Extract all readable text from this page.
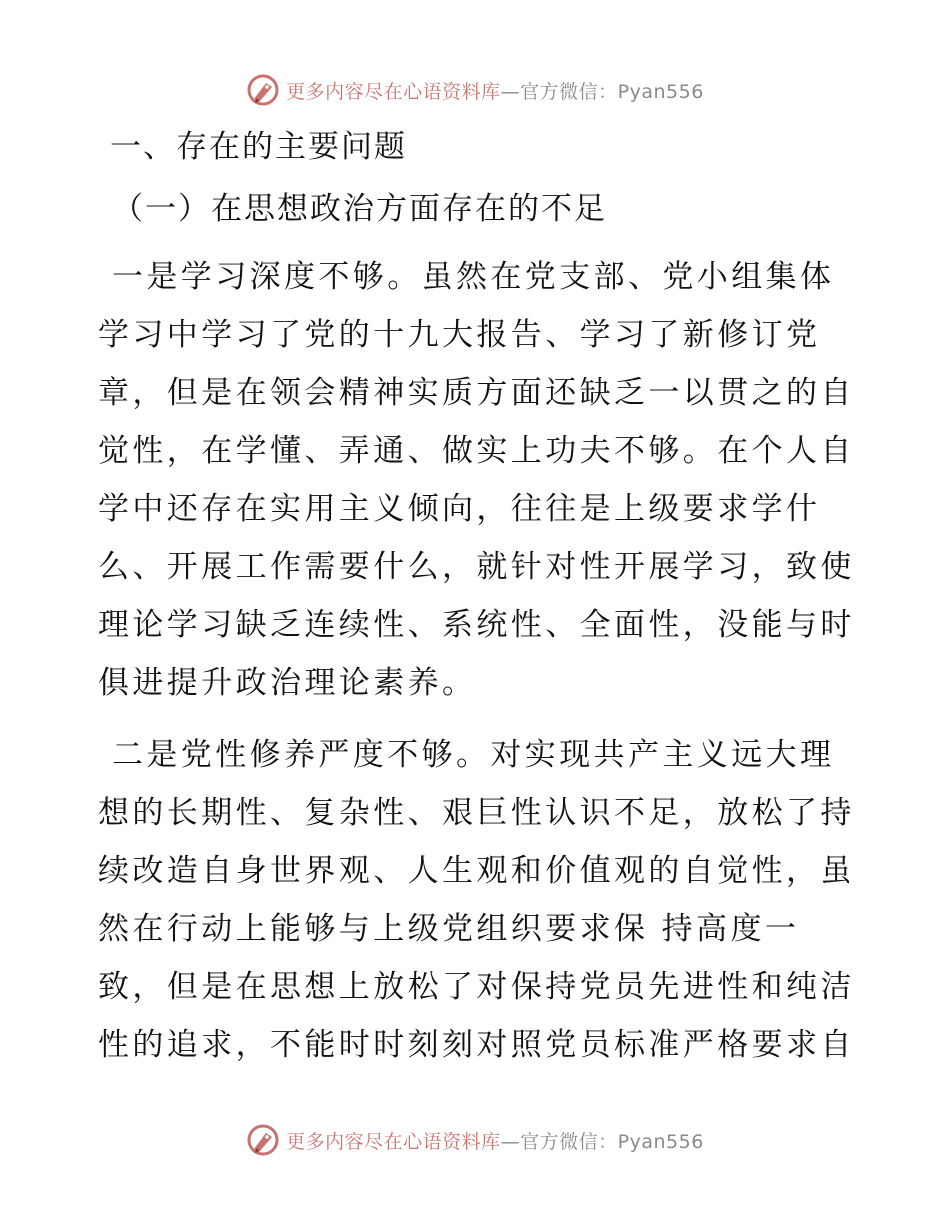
更多内容尽在心语资料库—官方微信：Pyan556

一、存在的主要问题

（一）在思想政治方面存在的不足

一是学习深度不够。虽然在党支部、党小组集体
学习中学习了党的十九大报告、学习了新修订党
章，但是在领会精神实质方面还缺乏一以贯之的自
觉性，在学懂、弄通、做实上功夫不够。在个人自
学中还存在实用主义倾向，往往是上级要求学什
么、开展工作需要什么，就针对性开展学习，致使
理论学习缺乏连续性、系统性、全面性，没能与时
俱进提升政治理论素养。

二是党性修养严度不够。对实现共产主义远大理
想的长期性、复杂性、艰巨性认识不足，放松了持
续改造自身世界观、人生观和价值观的自觉性，虽
然在行动上能够与上级党组织要求保 持高度一
致，但是在思想上放松了对保持党员先进性和纯洁
性的追求，不能时时刻刻对照党员标准严格要求自

更多内容尽在心语资料库—官方微信：Pyan556
